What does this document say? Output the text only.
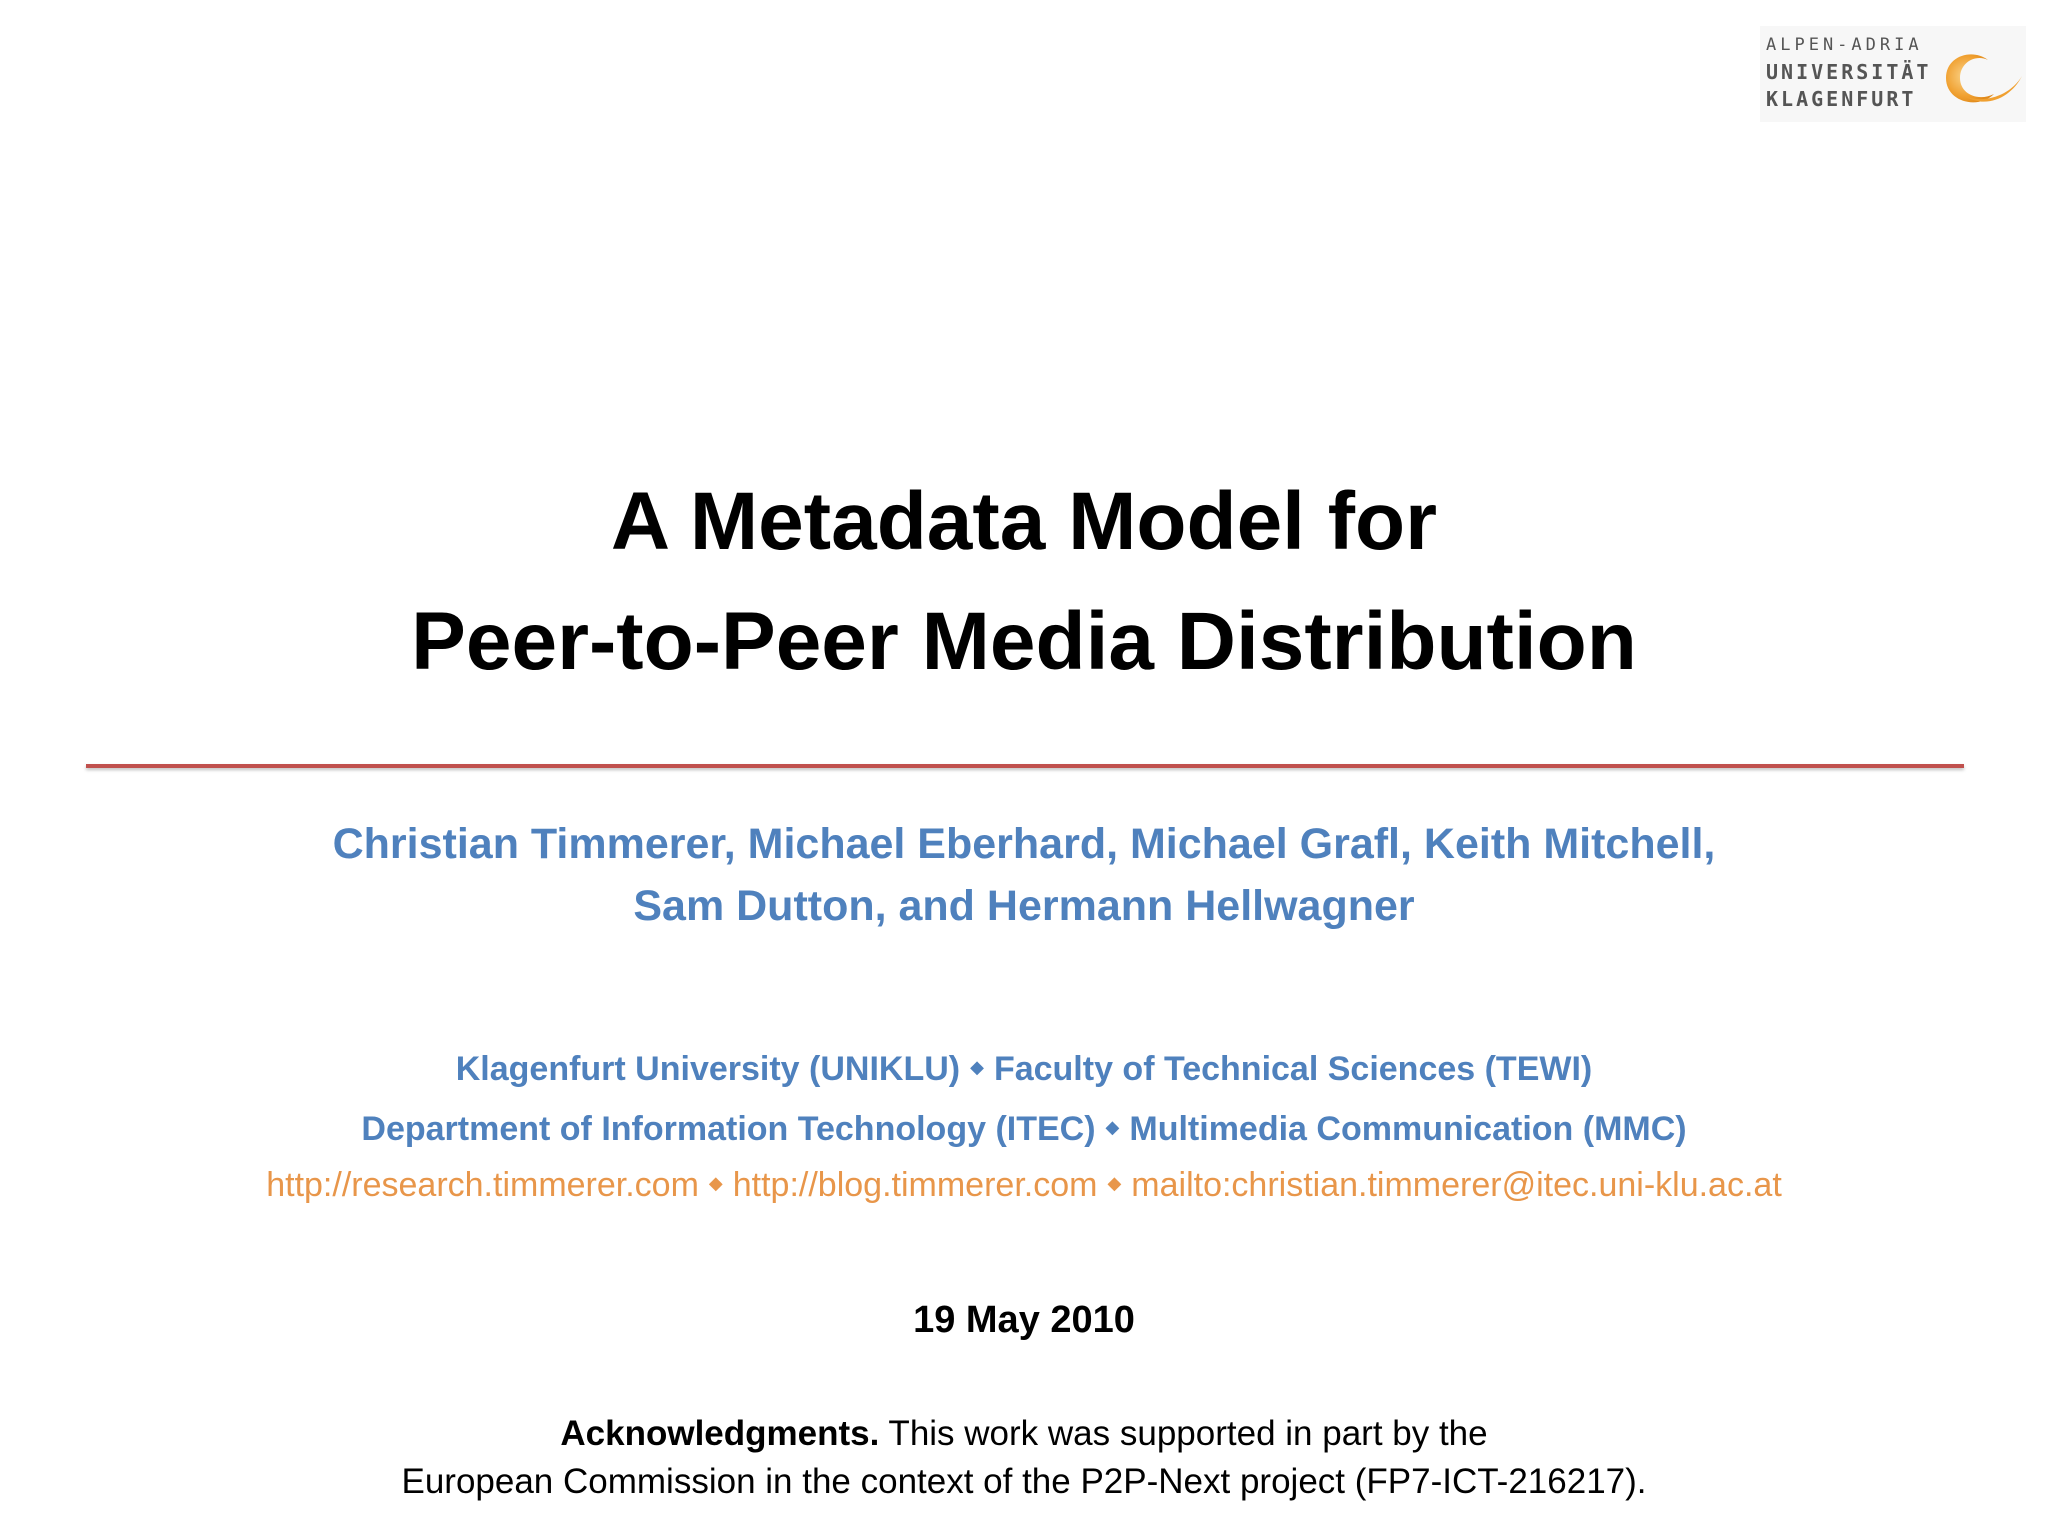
ALPEN-ADRIA
UNIVERSITÄT
KLAGENFURT
A Metadata Model for
Peer-to-Peer Media Distribution
Christian Timmerer, Michael Eberhard, Michael Grafl, Keith Mitchell,
Sam Dutton, and Hermann Hellwagner
Klagenfurt University (UNIKLU) ◆ Faculty of Technical Sciences (TEWI)
Department of Information Technology (ITEC) ◆ Multimedia Communication (MMC)
http://research.timmerer.com ◆ http://blog.timmerer.com ◆ mailto:christian.timmerer@itec.uni-klu.ac.at
19 May 2010
Acknowledgments. This work was supported in part by the
European Commission in the context of the P2P-Next project (FP7-ICT-216217).
